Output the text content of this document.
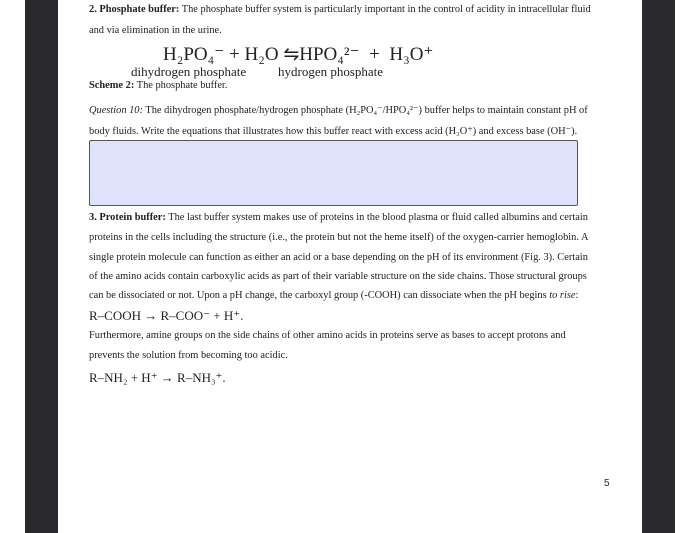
2. Phosphate buffer: The phosphate buffer system is particularly important in the control of acidity in intracellular fluid
and via elimination in the urine.
H₂PO₄⁻ + H₂O ⇋HPO₄²⁻ + H₃O⁺
dihydrogen phosphate hydrogen phosphate
Scheme 2: The phosphate buffer.
Question 10: The dihydrogen phosphate/hydrogen phosphate (H₂PO₄⁻/HPO₄²⁻) buffer helps to maintain constant pH of
body fluids. Write the equations that illustrates how this buffer react with excess acid (H₃O⁺) and excess base (OH⁻).
3. Protein buffer: The last buffer system makes use of proteins in the blood plasma or fluid called albumins and certain
proteins in the cells including the structure (i.e., the protein but not the heme itself) of the oxygen-carrier hemoglobin. A
single protein molecule can function as either an acid or a base depending on the pH of its environment (Fig. 3). Certain
of the amino acids contain carboxylic acids as part of their variable structure on the side chains. Those structural groups
can be dissociated or not. Upon a pH change, the carboxyl group (-COOH) can dissociate when the pH begins to rise:
R–COOH → R–COO⁻ + H⁺.
Furthermore, amine groups on the side chains of other amino acids in proteins serve as bases to accept protons and
prevents the solution from becoming too acidic.
R–NH₂ + H⁺ → R–NH₃⁺.
5
